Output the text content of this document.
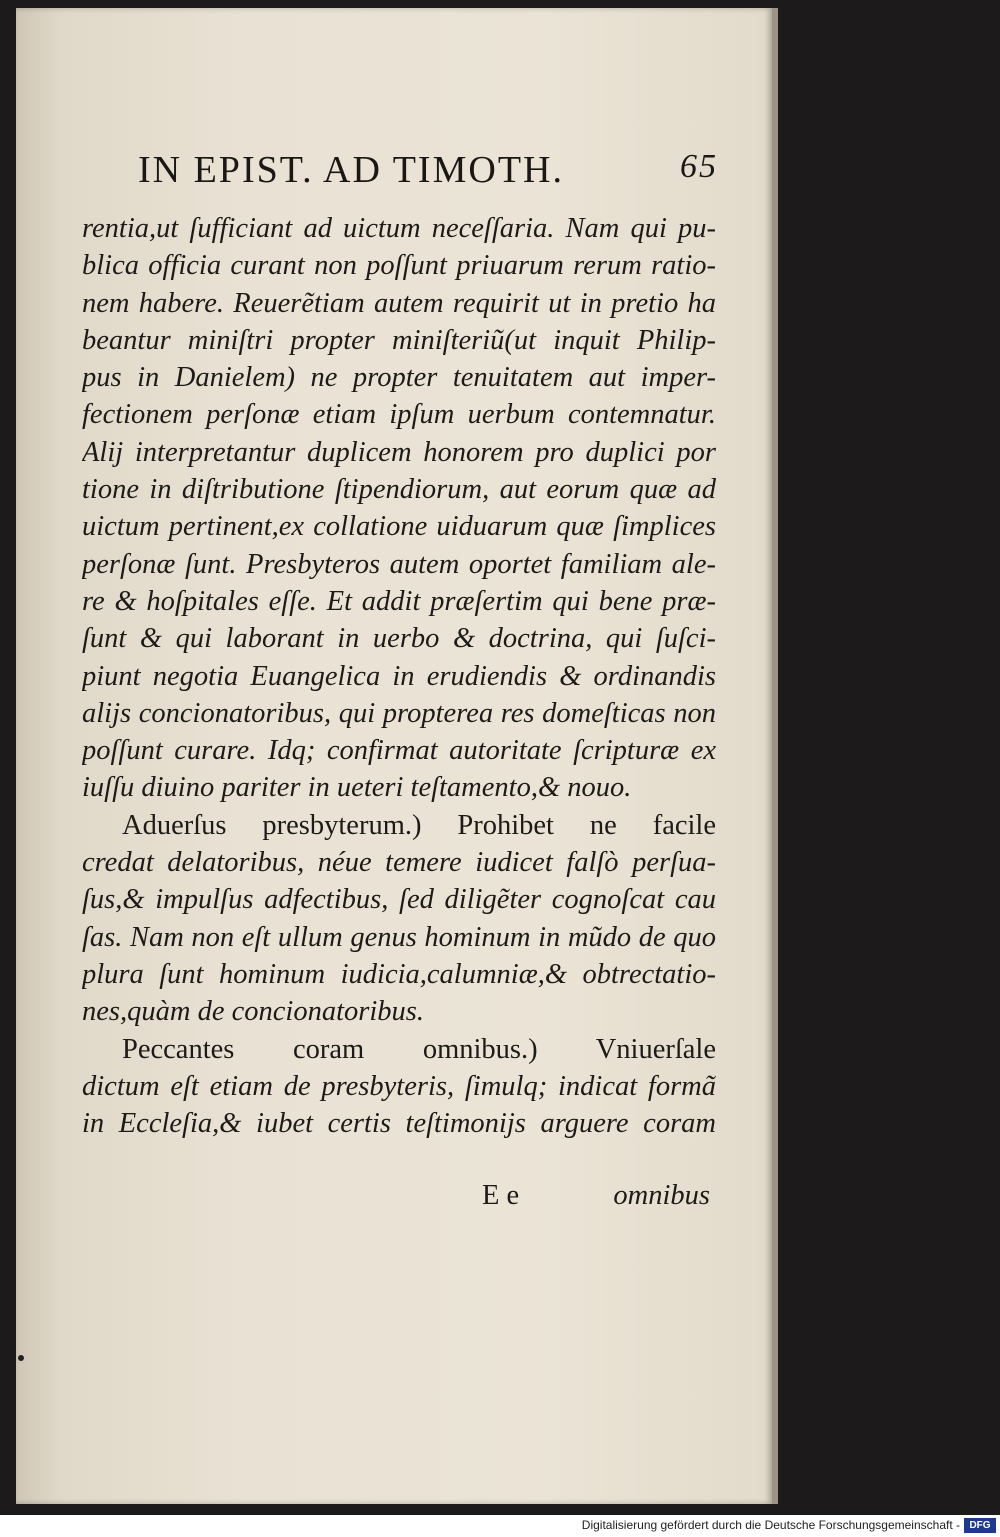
IN EPIST. AD TIMOTH.	65
rentia,ut ſufficiant ad uictum neceſſaria. Nam qui pu-
blica officia curant non poſſunt priuarum rerum ratio-
nem habere. Reuerẽtiam autem requirit ut in pretio ha
beantur miniſtri propter miniſteriũ(ut inquit Philip-
pus in Danielem) ne propter tenuitatem aut imper-
fectionem perſonæ etiam ipſum uerbum contemnatur.
Alij interpretantur duplicem honorem pro duplici por
tione in diſtributione ſtipendiorum, aut eorum quæ ad
uictum pertinent,ex collatione uiduarum quæ ſimplices
perſonæ ſunt. Presbyteros autem oportet familiam ale-
re & hoſpitales eſſe. Et addit præſertim qui bene præ-
ſunt & qui laborant in uerbo & doctrina, qui ſuſci-
piunt negotia Euangelica in erudiendis & ordinandis
alijs concionatoribus, qui propterea res domeſticas non
poſſunt curare. Idq; confirmat autoritate ſcripturæ ex
iuſſu diuino pariter in ueteri teſtamento,& nouo.
Aduerſus presbyterum.) Prohibet ne facile
credat delatoribus, néue temere iudicet falſò perſua-
ſus,& impulſus adfectibus, ſed diligẽter cognoſcat cau
ſas. Nam non eſt ullum genus hominum in mũdo de quo
plura ſunt hominum iudicia,calumniæ,& obtrectatio-
nes,quàm de concionatoribus.
Peccantes coram omnibus.) Vniuerſale
dictum eſt etiam de presbyteris, ſimulq; indicat formã
in Eccleſia,& iubet certis teſtimonijs arguere coram
E e	omnibus
Digitalisierung gefördert durch die Deutsche Forschungsgemeinschaft - DFG
